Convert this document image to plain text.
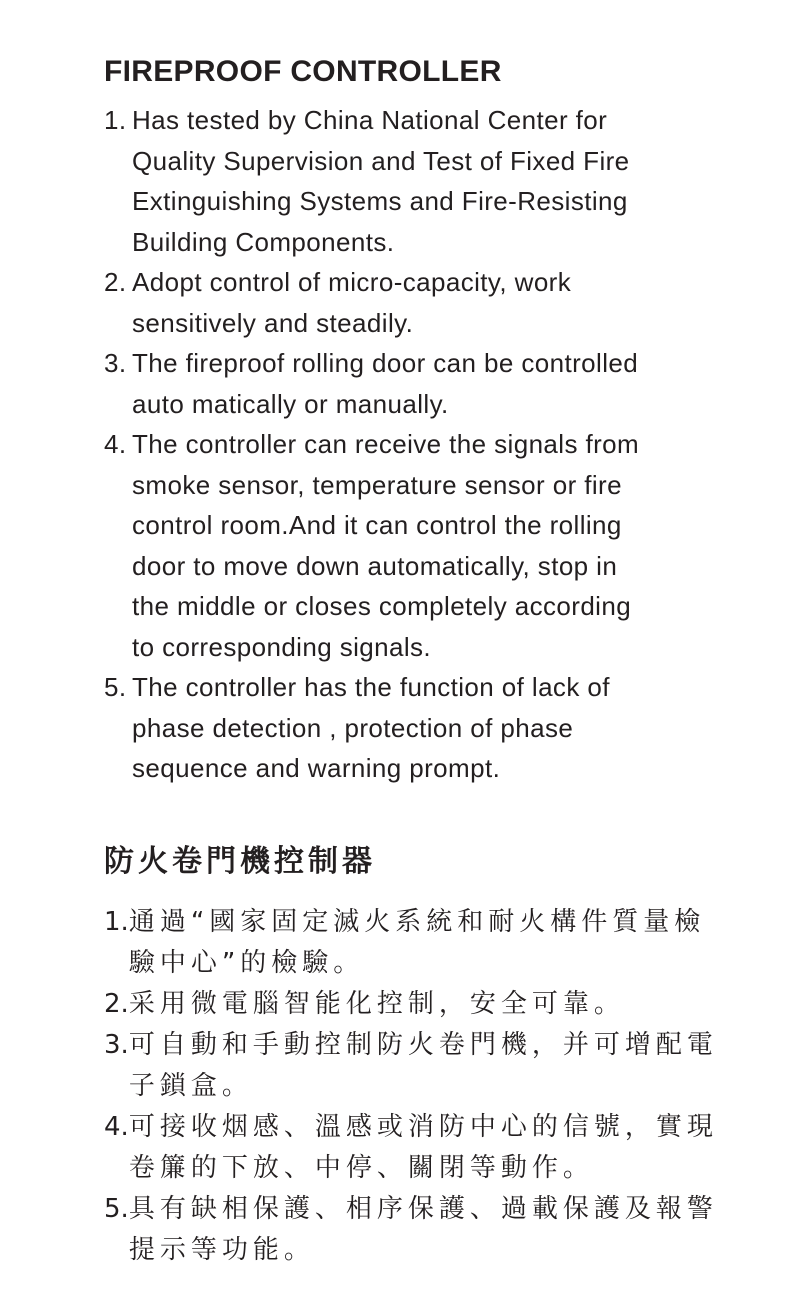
FIREPROOF CONTROLLER
1. Has tested by China National Center for
Quality Supervision and Test of Fixed Fire
Extinguishing Systems and Fire-Resisting
Building Components.
2. Adopt control of micro-capacity, work
sensitively and steadily.
3. The fireproof rolling door can be controlled
auto matically or manually.
4. The controller can receive the signals from
smoke sensor, temperature sensor or fire
control room.And it can control the rolling
door to move down automatically, stop in
the middle or closes completely according
to corresponding signals.
5. The controller has the function of lack of
phase detection , protection of phase
sequence and warning prompt.
防火卷門機控制器
1. 通過“國家固定滅火系統和耐火構件質量檢
驗中心”的檢驗。
2. 采用微電腦智能化控制，安全可靠。
3. 可自動和手動控制防火卷門機，并可增配電
子鎖盒。
4. 可接收烟感、溫感或消防中心的信號，實現
卷簾的下放、中停、關閉等動作。
5. 具有缺相保護、相序保護、過載保護及報警
提示等功能。
